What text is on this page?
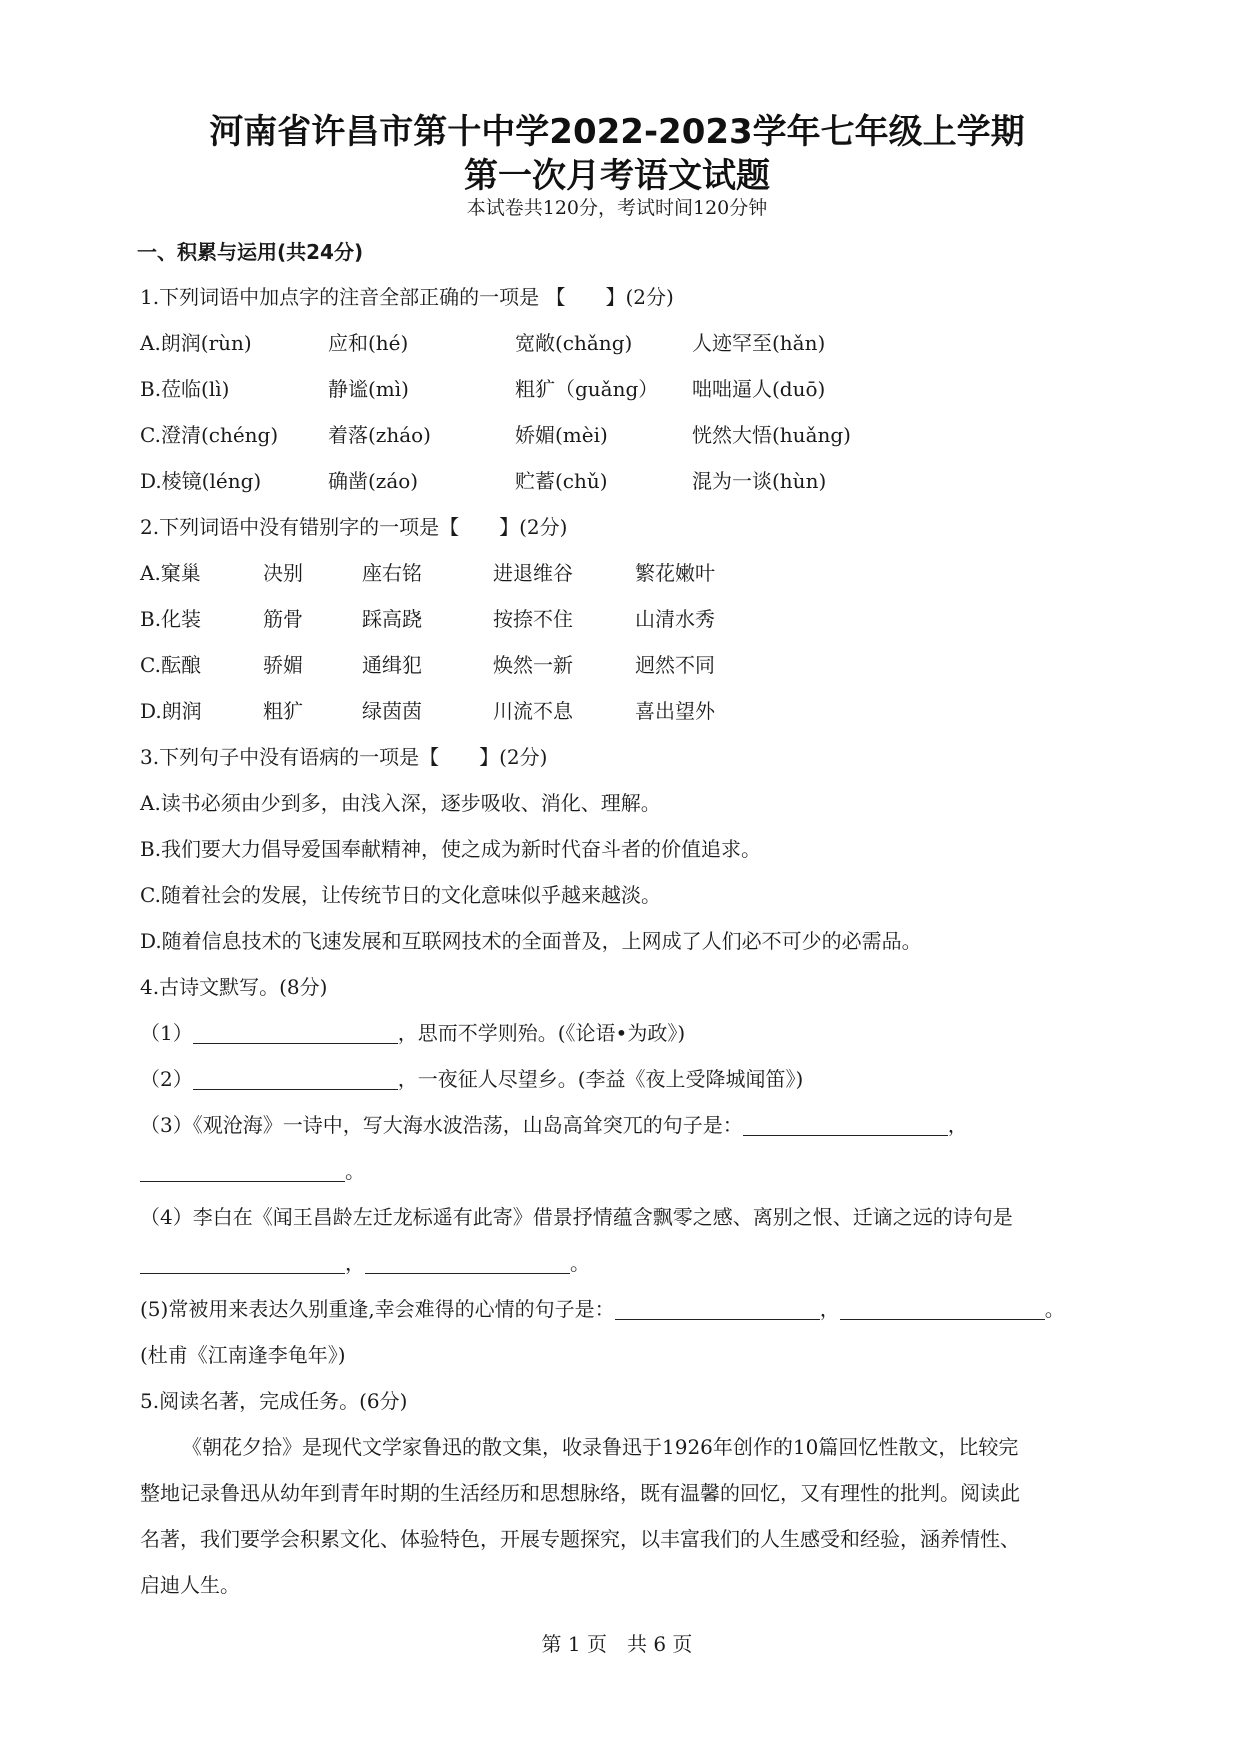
河南省许昌市第十中学2022-2023学年七年级上学期
第一次月考语文试题
本试卷共120分，考试时间120分钟
一、积累与运用(共24分)
1.下列词语中加点字的注音全部正确的一项是 【　　】(2分)
A.朗润(rùn)	应和(hé)	宽敞(chǎng)	人迹罕至(hǎn)
B.莅临(lì)	静谧(mì)	粗犷（guǎng） 咄咄逼人(duō)
C.澄清(chéng) 着落(zháo)	娇媚(mèi)	恍然大悟(huǎng)
D.棱镜(léng)	确凿(záo)	贮蓄(chǔ)	混为一谈(hùn)
2.下列词语中没有错别字的一项是【　　】(2分)
A.窠巢	决别	座右铭	进退维谷	繁花嫩叶
B.化装	筋骨	踩高跷	按捺不住	山清水秀
C.酝酿	骄媚	通缉犯	焕然一新	迥然不同
D.朗润	粗犷	绿茵茵	川流不息	喜出望外
3.下列句子中没有语病的一项是【　　】(2分)
A.读书必须由少到多，由浅入深，逐步吸收、消化、理解。
B.我们要大力倡导爱国奉献精神，使之成为新时代奋斗者的价值追求。
C.随着社会的发展，让传统节日的文化意味似乎越来越淡。
D.随着信息技术的飞速发展和互联网技术的全面普及，上网成了人们必不可少的必需品。
4.古诗文默写。(8分)
（1）	，思而不学则殆。(《论语•为政》)
（2）	，一夜征人尽望乡。(李益《夜上受降城闻笛》)
（3）《观沧海》一诗中，写大海水波浩荡，山岛高耸突兀的句子是：	，
。
（4）李白在《闻王昌龄左迁龙标遥有此寄》借景抒情蕴含飘零之感、离别之恨、迁谪之远的诗句是
，	。
(5)常被用来表达久别重逢,幸会难得的心情的句子是：	，	。
(杜甫《江南逢李龟年》)
5.阅读名著，完成任务。(6分)
《朝花夕拾》是现代文学家鲁迅的散文集，收录鲁迅于1926年创作的10篇回忆性散文，比较完
整地记录鲁迅从幼年到青年时期的生活经历和思想脉络，既有温馨的回忆，又有理性的批判。阅读此
名著，我们要学会积累文化、体验特色，开展专题探究，以丰富我们的人生感受和经验，涵养情性、
启迪人生。
第 1 页　共 6 页
